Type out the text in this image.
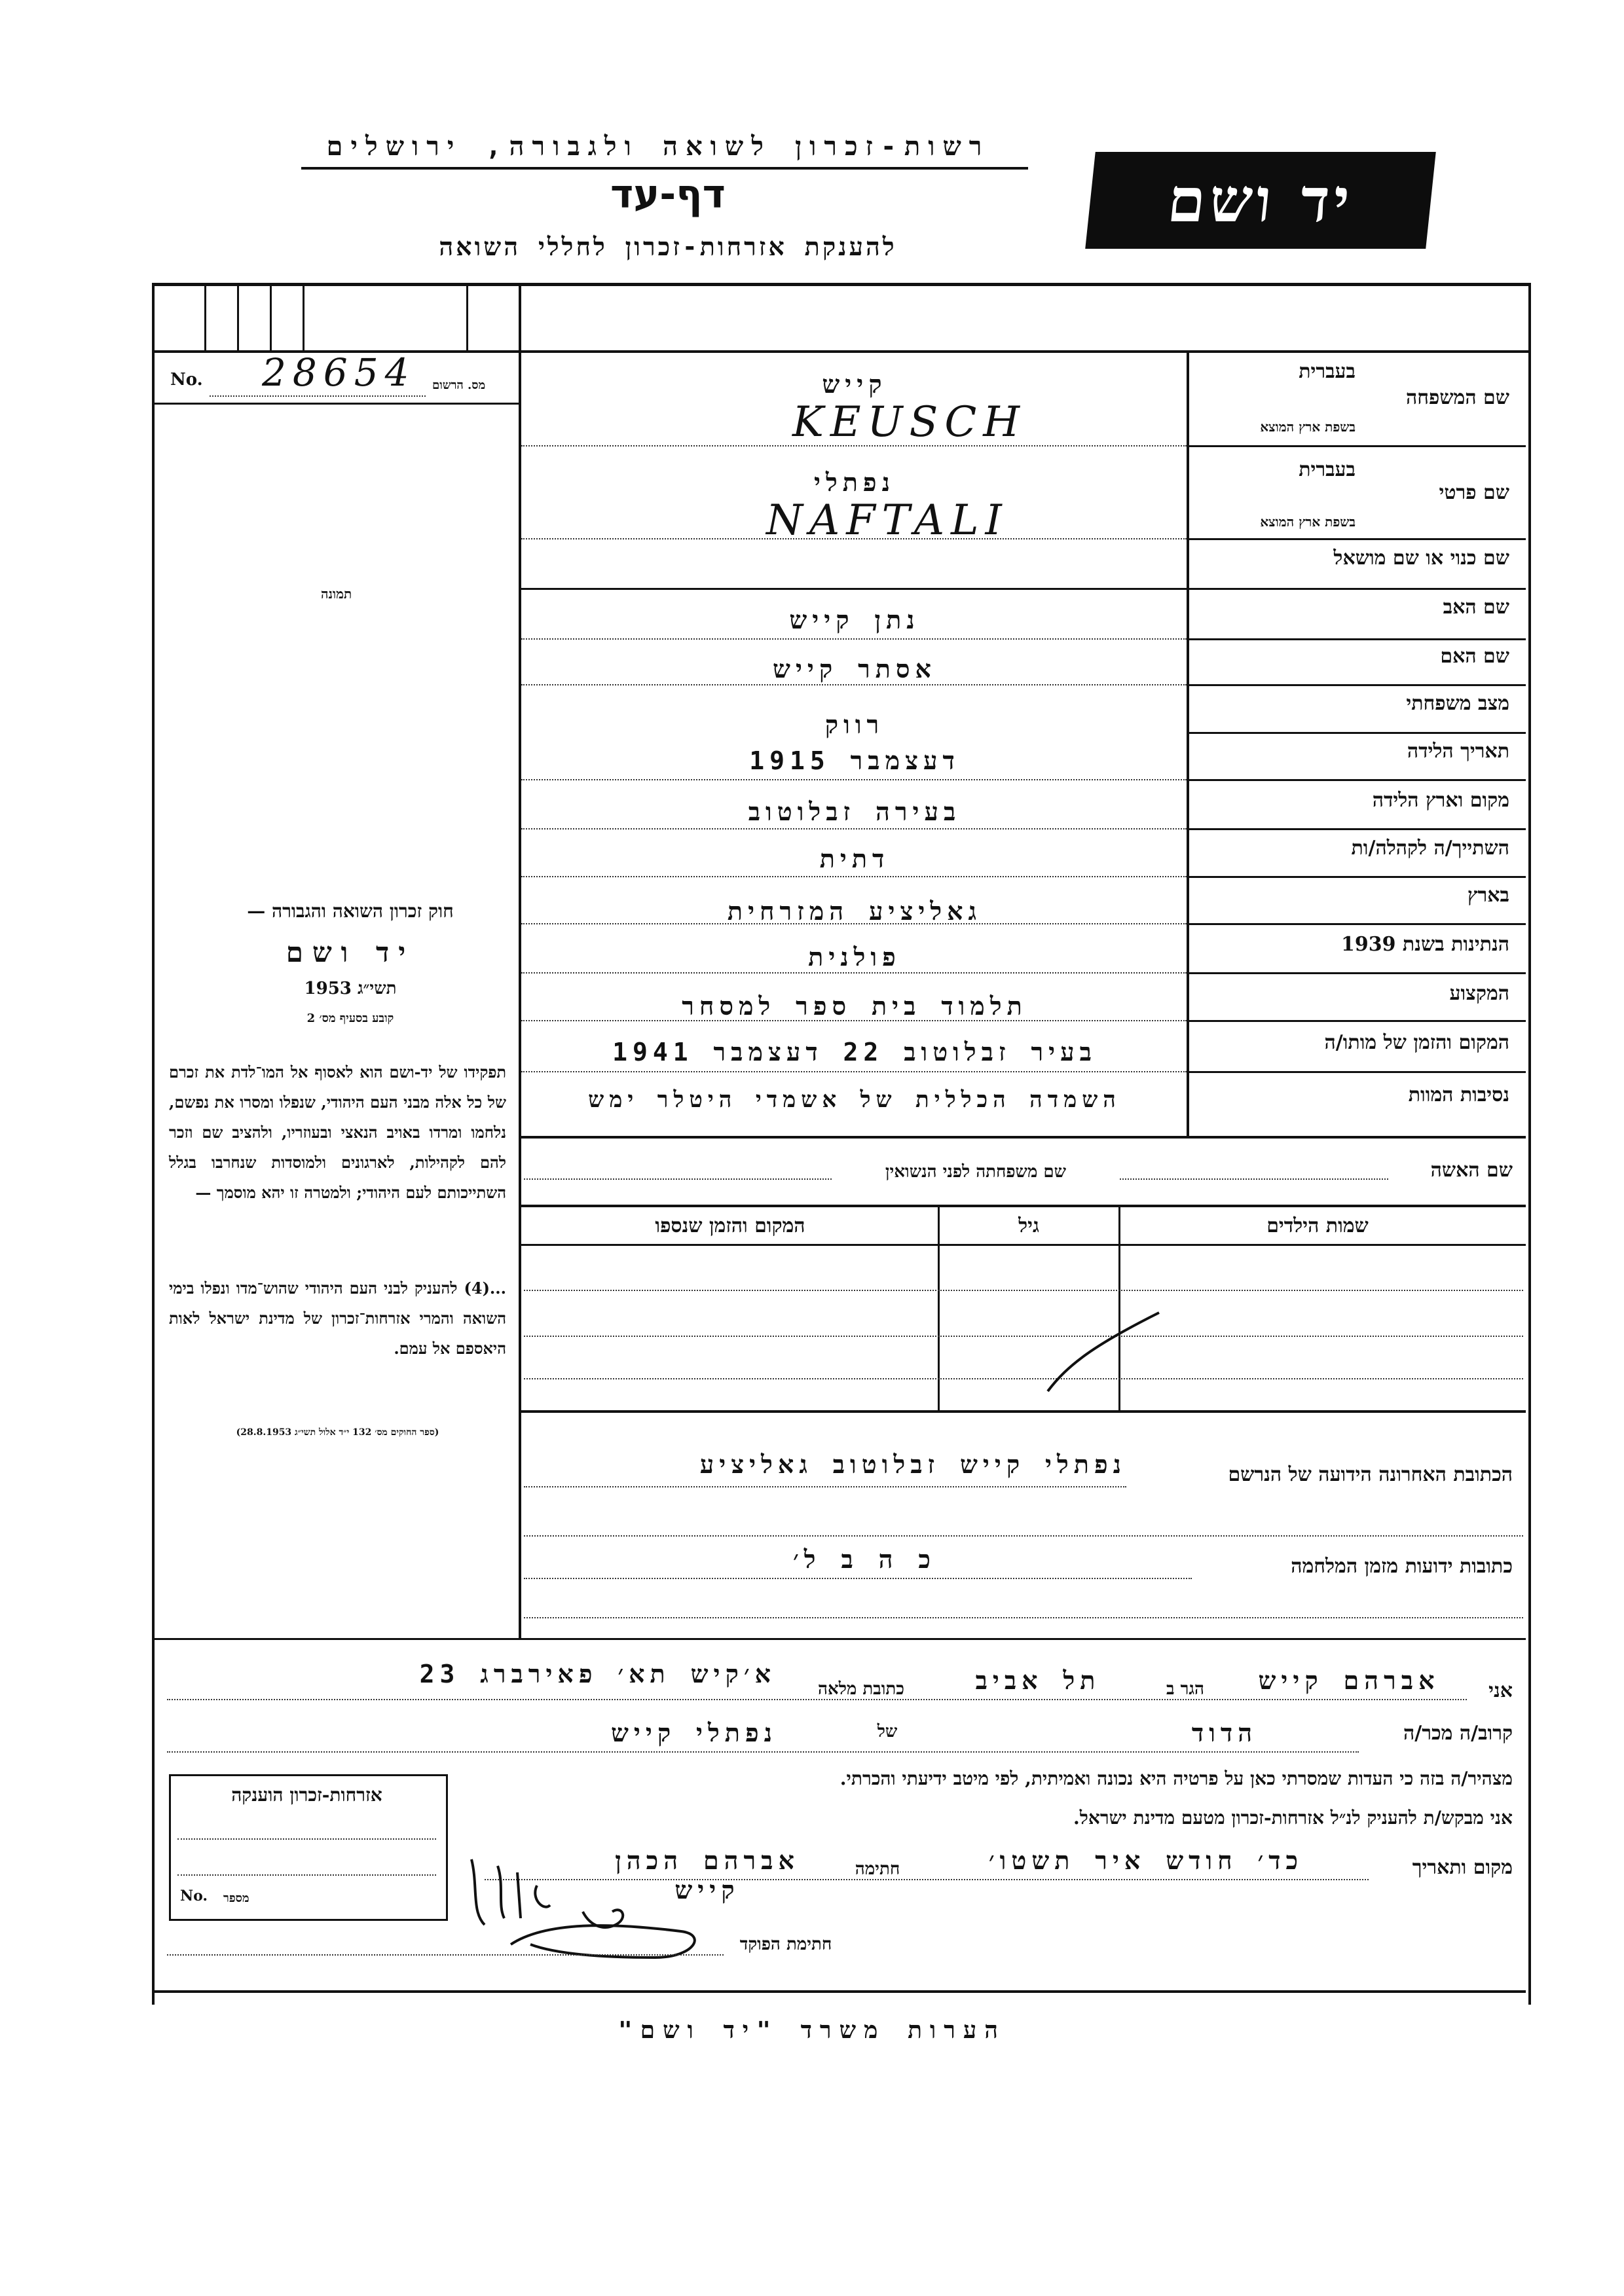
רשות-זכרון לשואה ולגבורה, ירושלים
דף-עד
להענקת אזרחות-זכרון לחללי השואה
יד ושם
No. 28654 מס. הרשום
תמונה
שם המשפחה
בעברית
בשפת ארץ המוצא
שם פרטי
בעברית
בשפת ארץ המוצא
שם כנוי או שם מושאל
שם האב
שם האם
מצב משפחתי
תאריך הלידה
מקום וארץ הלידה
השתייך/ה לקהלה/ות
בארץ
הנתינות בשנת 1939
המקצוע
המקום והזמן של מותו/ה
נסיבות המוות
קייש
KEUSCH
נפתלי
NAFTALI
נתן קייש
אסתר קייש
רווק
דעצמבר 1915
בעירה זבלוטוב
דתית
גאליציע המזרחית
פולנית
תלמוד בית ספר למסחר
בעיר זבלוטוב 22 דעצמבר 1941
השמדה הכללית של אשמדי היטלר ימש
חוק זכרון השואה והגבורה —
יד ושם
תשי״ג 1953
קובע בסעיף מס׳ 2
תפקידו של יד-ושם הוא לאסוף אל המו־לדת את זכרם של כל אלה מבני העם היהודי, שנפלו ומסרו את נפשם, נלחמו ומרדו באויב הנאצי ובעוזריו, ולהציב שם וזכר להם לקהילות, לארגונים ולמוסדות שנחרבו בגלל השתייכותם לעם היהודי; ולמטרה זו יהא מוסמך —
...(4) להעניק לבני העם היהודי שהוש־מדו ונפלו בימי השואה והמרי אזרחות־זכרון של מדינת ישראל לאות היאספם אל עמם.
(ספר החוקים מס׳ 132 י״ד אלול תשי״ג 28.8.1953)
שם האשה
שם משפחתה לפני הנשואין
שמות הילדים
גיל
המקום והזמן שנספו
הכתובת האחרונה הידועה של הנרשם
נפתלי קייש זבלוטוב גאליציע
כתובות ידועות מזמן המלחמה
כ ה ב ל׳
אני
אברהם קייש
הגר ב
תל אביב
כתובת מלאה
א׳קיש תא׳ פאירברג 23
קרוב/ה מכר/ה
הדוד
של
נפתלי קייש
מצהיר/ה בזה כי העדות שמסרתי כאן על פרטיה היא נכונה ואמיתית, לפי מיטב ידיעתי והכרתי.
אני מבקש/ת להעניק לנ״ל אזרחות-זכרון מטעם מדינת ישראל.
מקום ותאריך
כד׳ חודש איר תשטו׳
חתימה
אברהם הכהן קייש
חתימת הפוקד
אזרחות-זכרון הוענקה
No. מספר
הערות משרד "יד ושם"
